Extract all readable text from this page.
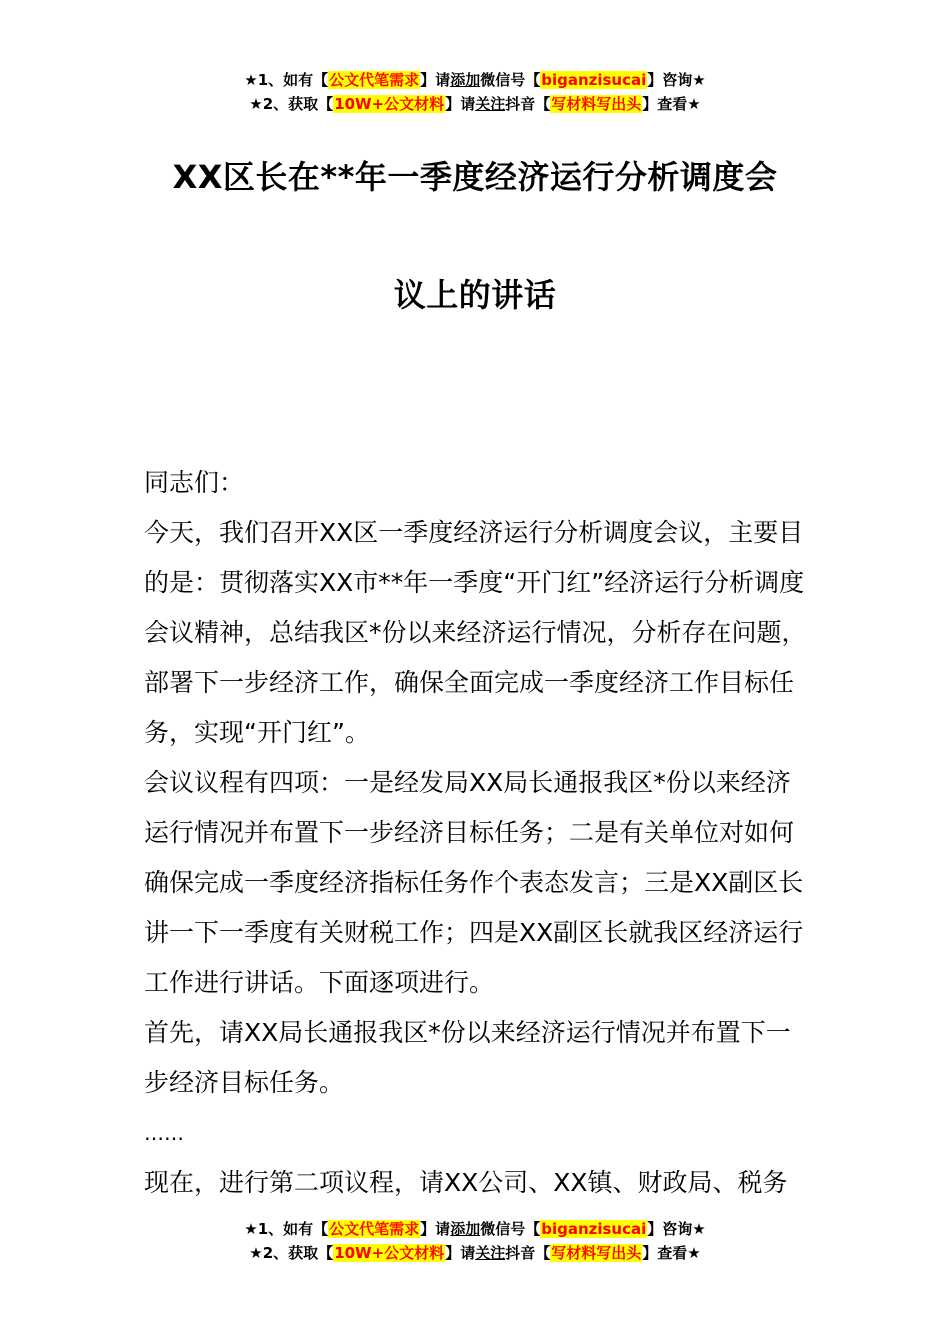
★1、如有【公文代笔需求】请添加微信号【biganzisucai】咨询★
★2、获取【10W+公文材料】请关注抖音【写材料写出头】查看★
XX区长在**年一季度经济运行分析调度会
议上的讲话

同志们：

今天，我们召开XX区一季度经济运行分析调度会议，主要目的是：贯彻落实XX市**年一季度“开门红”经济运行分析调度会议精神，总结我区*份以来经济运行情况，分析存在问题，部署下一步经济工作，确保全面完成一季度经济工作目标任务，实现“开门红”。

会议议程有四项：一是经发局XX局长通报我区*份以来经济运行情况并布置下一步经济目标任务；二是有关单位对如何确保完成一季度经济指标任务作个表态发言；三是XX副区长讲一下一季度有关财税工作；四是XX副区长就我区经济运行工作进行讲话。下面逐项进行。

首先，请XX局长通报我区*份以来经济运行情况并布置下一步经济目标任务。

……

现在，进行第二项议程，请XX公司、XX镇、财政局、税务

★1、如有【公文代笔需求】请添加微信号【biganzisucai】咨询★
★2、获取【10W+公文材料】请关注抖音【写材料写出头】查看★
